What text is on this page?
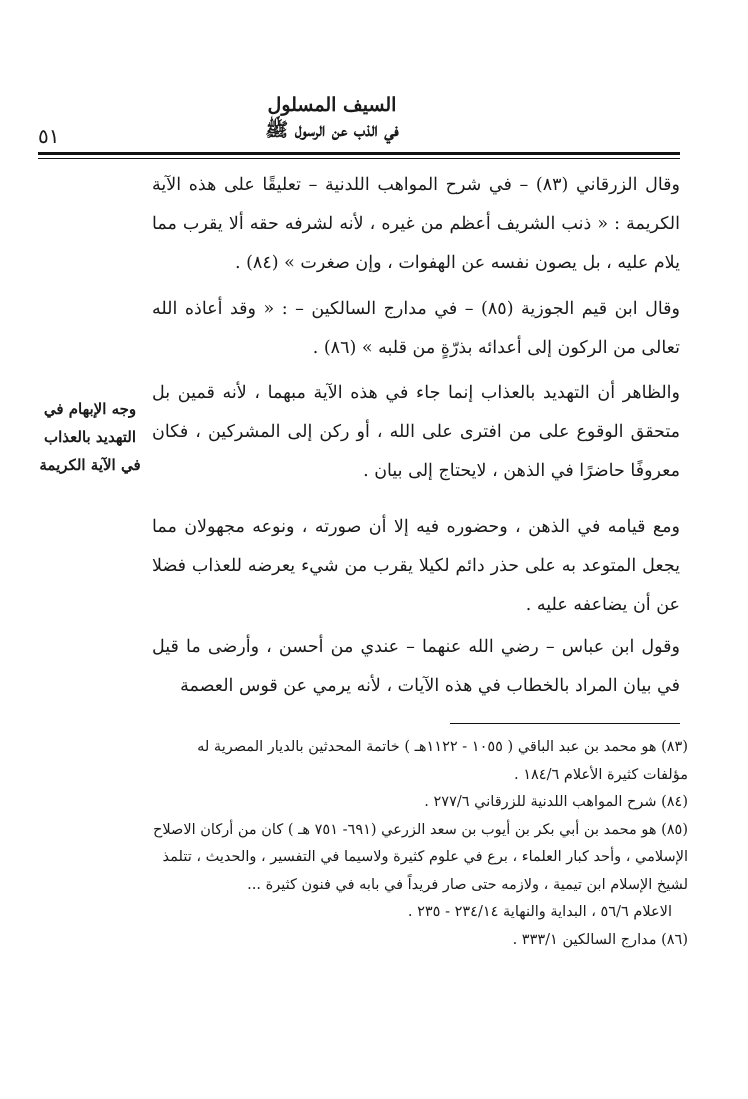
السيف المسلول
في الذب عن الرسول ﷺ
٥١
وقال الزرقاني (٨٣) – في شرح المواهب اللدنية – تعليقًا على هذه الآية الكريمة : « ذنب الشريف أعظم من غيره ، لأنه لشرفه حقه ألا يقرب مما يلام عليه ، بل يصون نفسه عن الهفوات ، وإن صغرت » (٨٤) .
وقال ابن قيم الجوزية (٨٥) – في مدارج السالكين – : « وقد أعاذه الله تعالى من الركون إلى أعدائه بذرّةٍ من قلبه » (٨٦) .
والظاهر أن التهديد بالعذاب إنما جاء في هذه الآية مبهما ، لأنه قمين بل متحقق الوقوع على من افترى على الله ، أو ركن إلى المشركين ، فكان معروفًا حاضرًا في الذهن ، لايحتاج إلى بيان .
ومع قيامه في الذهن ، وحضوره فيه إلا أن صورته ، ونوعه مجهولان مما يجعل المتوعد به على حذر دائم لكيلا يقرب من شيء يعرضه للعذاب فضلا عن أن يضاعفه عليه .
وقول ابن عباس – رضي الله عنهما – عندي من أحسن ، وأرضى ما قيل في بيان المراد بالخطاب في هذه الآيات ، لأنه يرمي عن قوس العصمة
وجه الإبهام في
التهديد بالعذاب
في الآية الكريمة

(٨٣) هو محمد بن عبد الباقي ( ١٠٥٥ - ١١٢٢هـ ) خاتمة المحدثين بالديار المصرية له مؤلفات كثيرة الأعلام ١٨٤/٦ .

(٨٤) شرح المواهب اللدنية للزرقاني ٢٧٧/٦ .

(٨٥) هو محمد بن أبي بكر بن أيوب بن سعد الزرعي (٦٩١- ٧٥١ هـ ) كان من أركان الاصلاح الإسلامي ، وأحد كبار العلماء ، برع في علوم كثيرة ولاسيما في التفسير ، والحديث ، تتلمذ لشيخ الإسلام ابن تيمية ، ولازمه حتى صار فريداً في بابه في فنون كثيرة ...

الاعلام ٥٦/٦ ، البداية والنهاية ٢٣٤/١٤ - ٢٣٥ .

(٨٦) مدارج السالكين ٣٣٣/١ .
